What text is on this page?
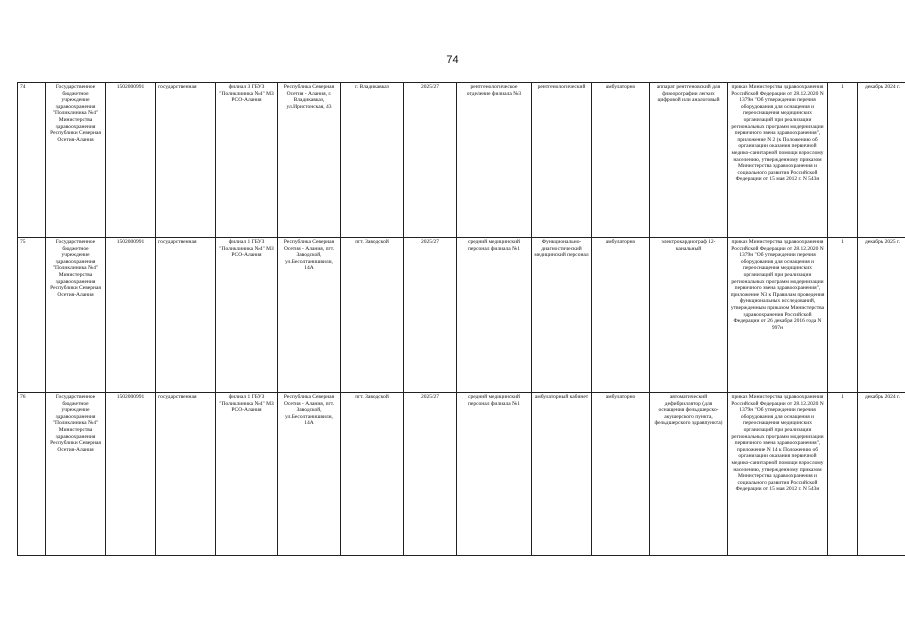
74
74	Государственное бюджетное учреждение здравоохранения "Поликлиника №4" Министерства здравоохранения Республики Северная Осетия-Алания	1502000991	государственная	филиал 3 ГБУЗ "Поликлиника №4" МЗ РСО-Алания	Республика Северная Осетия - Алания, г. Владикавказ, ул.Иристонская, 43	г. Владикавказ	2025/27	рентгенологическое отделение филиала №3	рентгенологический	амбулаторно	аппарат рентгеновский для флюорографии легких цифровой или аналоговый	приказ Министерства здравоохранения Российской Федерации от 28.12.2020 N 1379н "Об утверждении перечня оборудования для оснащения и переоснащения медицинских организаций при реализации региональных программ модернизации первичного звена здравоохранения", приложение N 2 (к Положению об организации оказания первичной медико-санитарной помощи взрослому населению, утвержденному приказом Министерства здравоохранения и социального развития Российской Федерации от 15 мая 2012 г. N 543н	1	декабрь 2024 г.
75	Государственное бюджетное учреждение здравоохранения "Поликлиника №4" Министерства здравоохранения Республики Северная Осетия-Алания	1502000991	государственная	филиал 1 ГБУЗ "Поликлиника №4" МЗ РСО-Алания	Республика Северная Осетия - Алания, пгт. Заводской, ул.Бесолтанишвили, 14А	пгт. Заводской	2025/27	средний медицинский персонал филиала №1	Функционально-диагностический медицинский персонал	амбулаторно	электрокардиограф 12-канальный	приказ Министерства здравоохранения Российской Федерации от 28.12.2020 N 1379н "Об утверждении перечня оборудования для оснащения и переоснащения медицинских организаций при реализации региональных программ модернизации первичного звена здравоохранения", приложение N3 к Правилам проведения функциональных исследований, утвержденным приказом Министерства здравоохранения Российской Федерации от 26 декабря 2016 года N 997н	1	декабрь 2025 г.
76	Государственное бюджетное учреждение здравоохранения "Поликлиника №4" Министерства здравоохранения Республики Северная Осетия-Алания	1502000991	государственная	филиал 1 ГБУЗ "Поликлиника №4" МЗ РСО-Алания	Республика Северная Осетия - Алания, пгт. Заводской, ул.Бесолтанишвили, 14А	пгт. Заводской	2025/27	средний медицинский персонал филиала №1	амбулаторный кабинет	амбулаторно	автоматический дефибриллятор (для оснащения фельдшерско-акушерского пункта, фельдшерского здравпункта)	приказ Министерства здравоохранения Российской Федерации от 28.12.2020 N 1379н "Об утверждении перечня оборудования для оснащения и переоснащения медицинских организаций при реализации региональных программ модернизации первичного звена здравоохранения", приложение N 14 к Положению об организации оказания первичной медико-санитарной помощи взрослому населению, утвержденному приказом Министерства здравоохранения и социального развития Российской Федерации от 15 мая 2012 г. N 543н	1	декабрь 2024 г.
